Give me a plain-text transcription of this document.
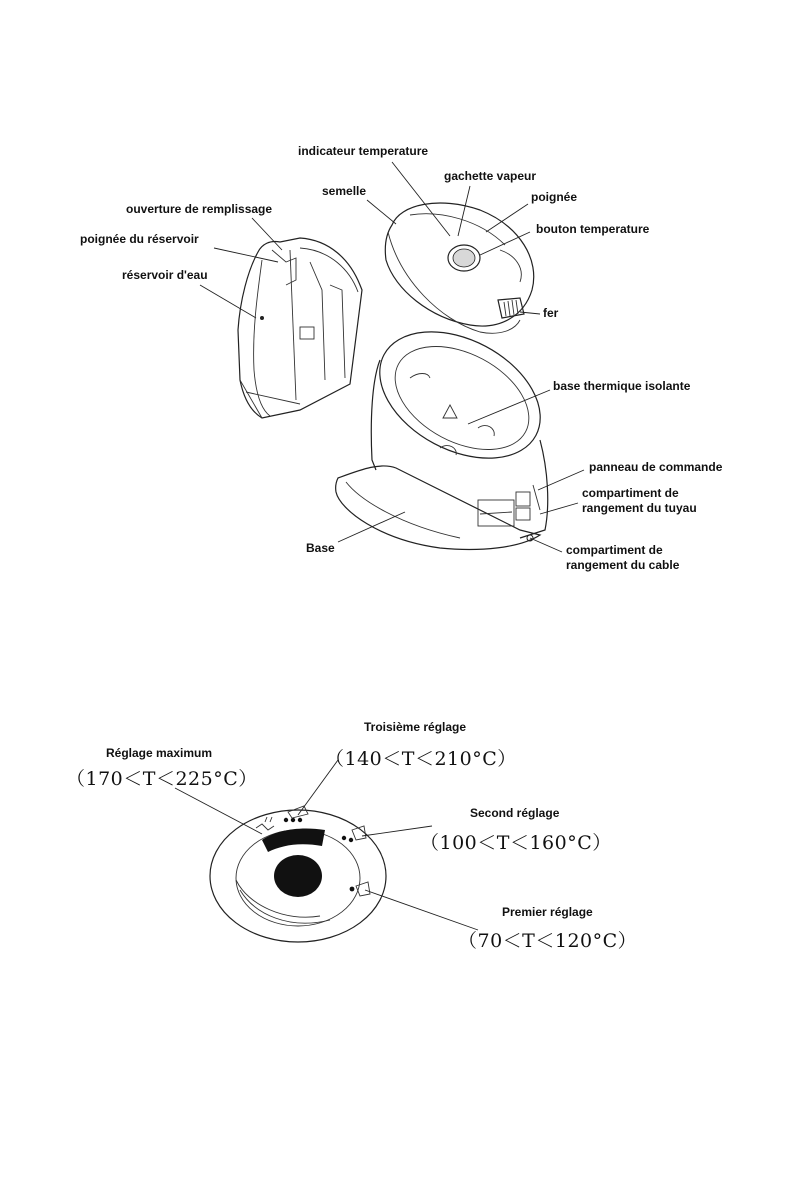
indicateur temperature
gachette vapeur
semelle	poignée
ouverture de remplissage
bouton temperature
poignée du réservoir
réservoir d'eau
fer
base thermique isolante
panneau de commande
compartiment de
rangement du tuyau
Base	compartiment de
rangement du cable
Troisième réglage
（140＜T＜210°C）
Réglage maximum
（170＜T＜225°C）
Second réglage
（100＜T＜160°C）
Premier réglage
（70＜T＜120°C）
